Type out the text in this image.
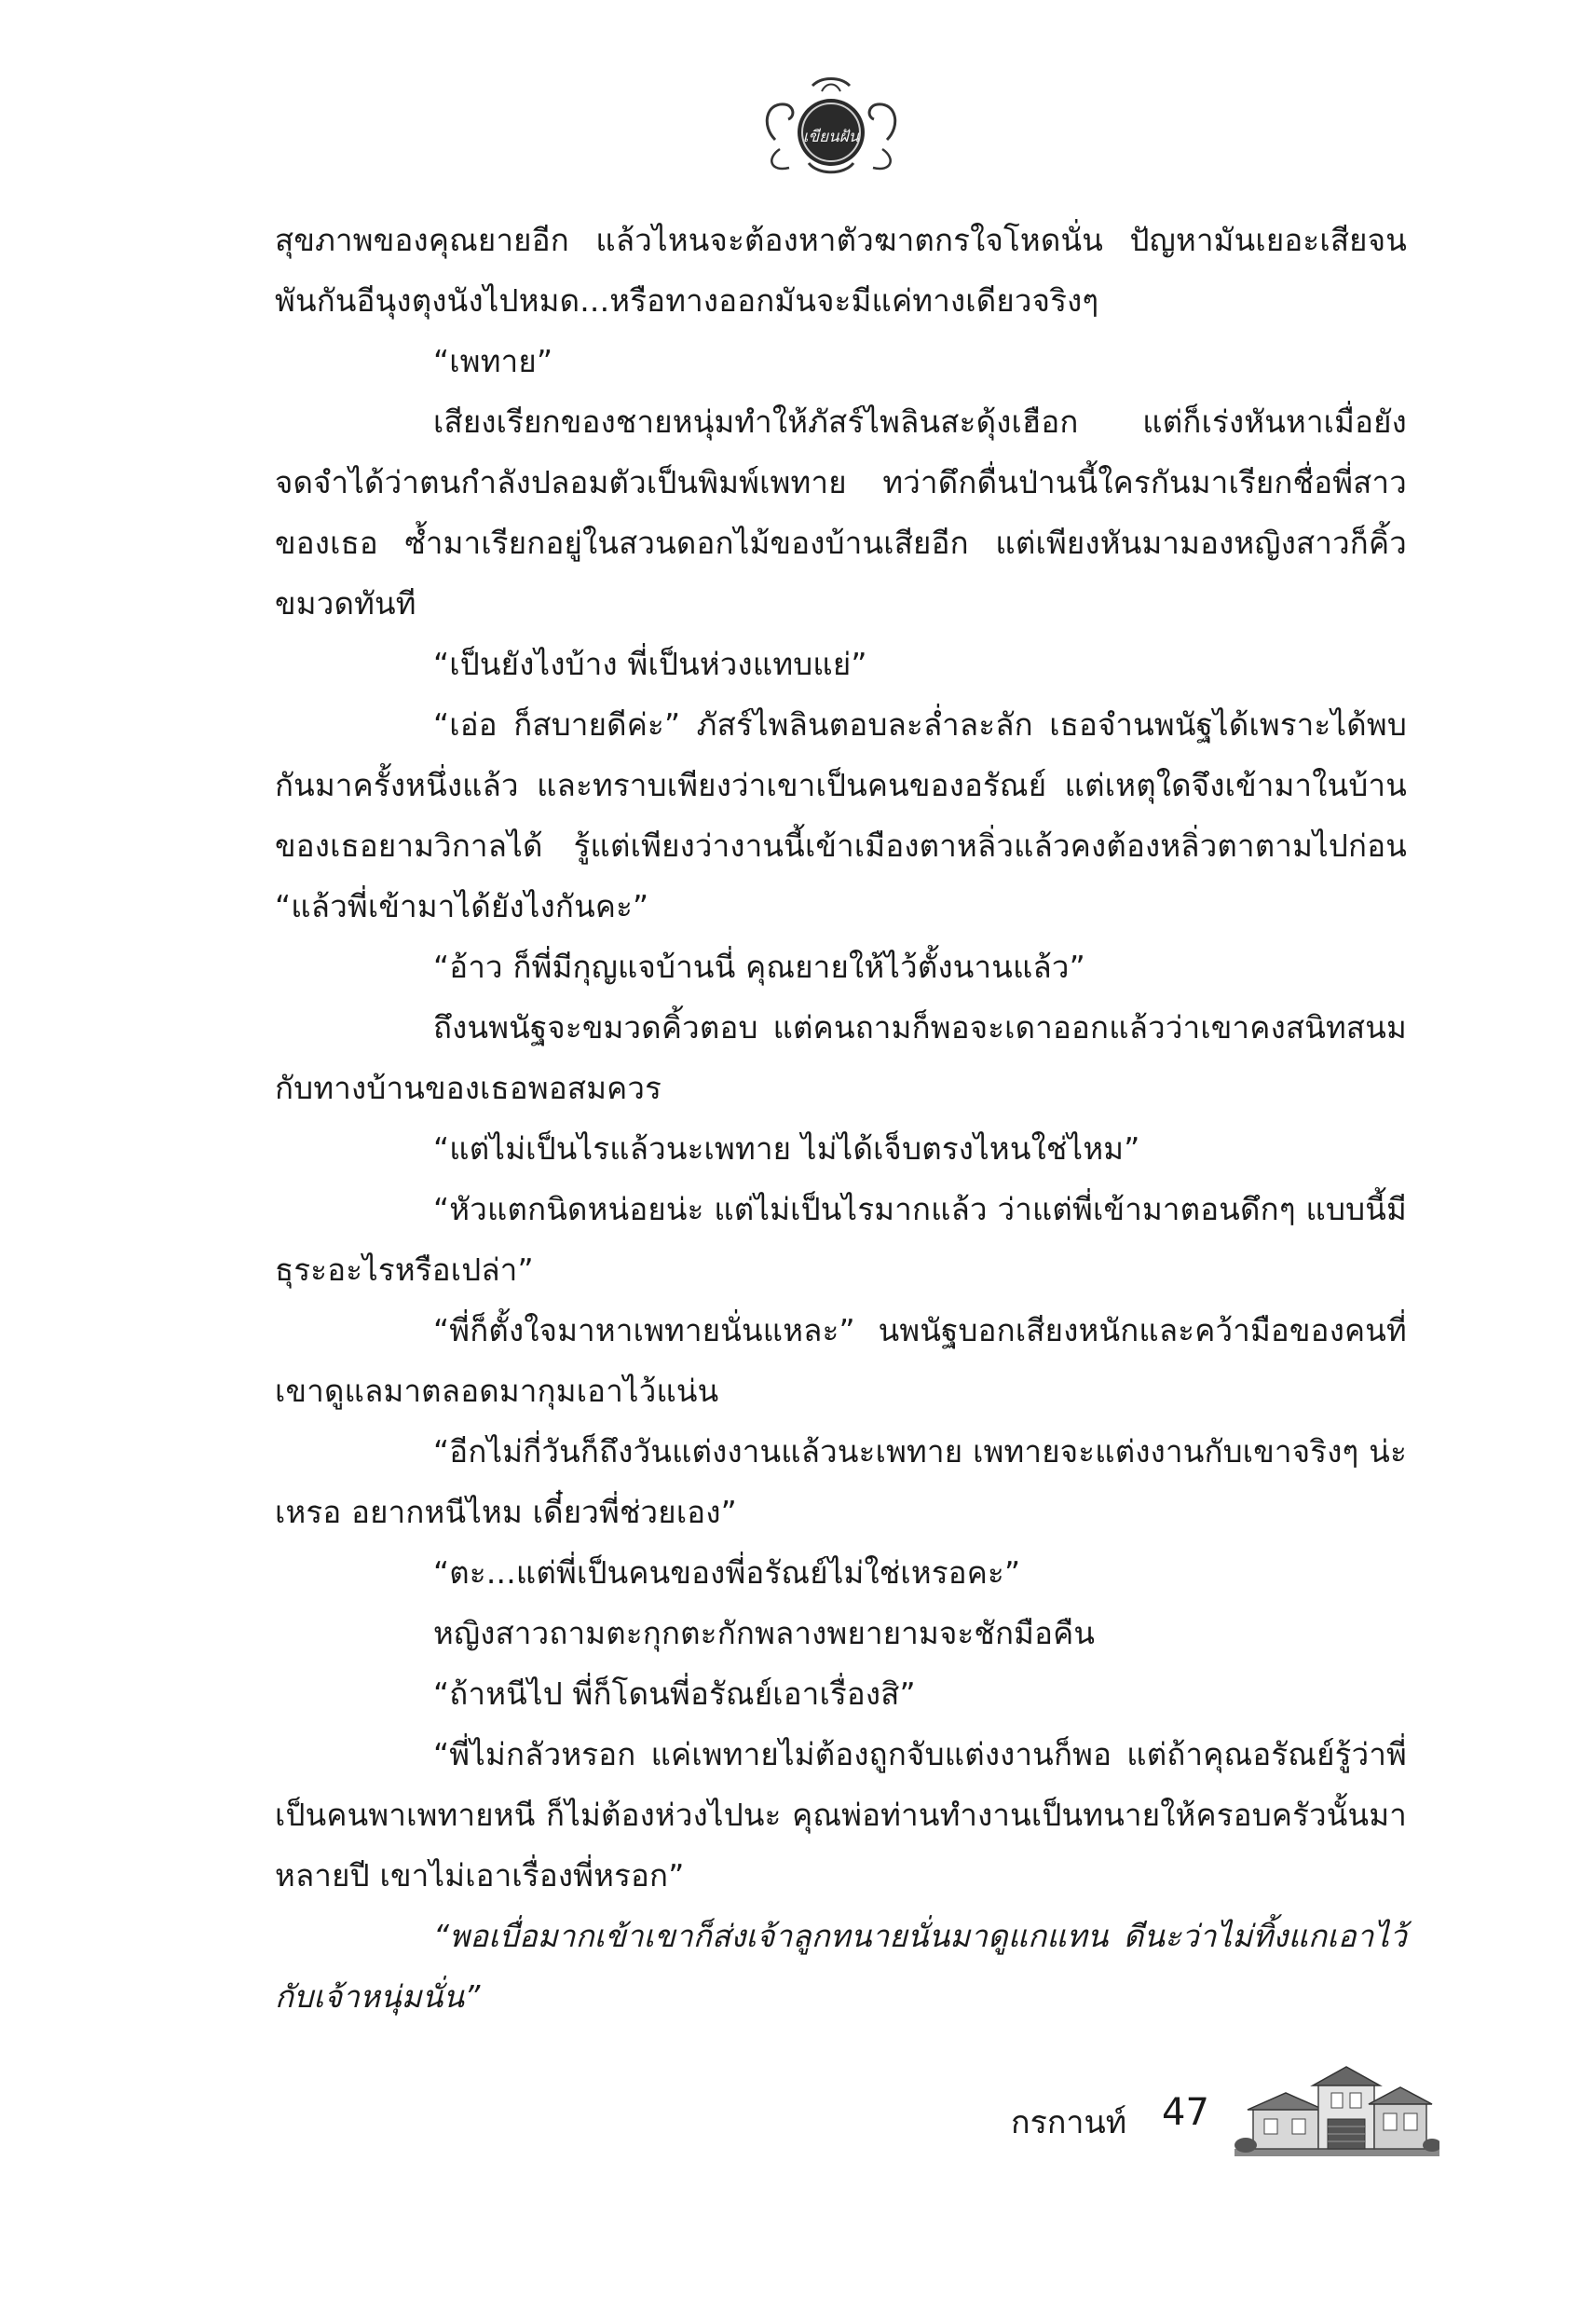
เขียนฝัน

สุขภาพของคุณยายอีก แล้วไหนจะต้องหาตัวฆาตกรใจโหดนั่น ปัญหามันเยอะเสียจนพันกันอีนุงตุงนังไปหมด...หรือทางออกมันจะมีแค่ทางเดียวจริงๆ

“เพทาย”

เสียงเรียกของชายหนุ่มทำให้ภัสร์ไพลินสะดุ้งเฮือก แต่ก็เร่งหันหาเมื่อยังจดจำได้ว่าตนกำลังปลอมตัวเป็นพิมพ์เพทาย ทว่าดึกดื่นป่านนี้ใครกันมาเรียกชื่อพี่สาวของเธอ ซ้ำมาเรียกอยู่ในสวนดอกไม้ของบ้านเสียอีก แต่เพียงหันมามองหญิงสาวก็คิ้วขมวดทันที

“เป็นยังไงบ้าง พี่เป็นห่วงแทบแย่”

“เอ่อ ก็สบายดีค่ะ” ภัสร์ไพลินตอบละล่ำละลัก เธอจำนพนัฐได้เพราะได้พบกันมาครั้งหนึ่งแล้ว และทราบเพียงว่าเขาเป็นคนของอรัณย์ แต่เหตุใดจึงเข้ามาในบ้านของเธอยามวิกาลได้ รู้แต่เพียงว่างานนี้เข้าเมืองตาหลิ่วแล้วคงต้องหลิ่วตาตามไปก่อน “แล้วพี่เข้ามาได้ยังไงกันคะ”

“อ้าว ก็พี่มีกุญแจบ้านนี่ คุณยายให้ไว้ตั้งนานแล้ว”

ถึงนพนัฐจะขมวดคิ้วตอบ แต่คนถามก็พอจะเดาออกแล้วว่าเขาคงสนิทสนมกับทางบ้านของเธอพอสมควร

“แต่ไม่เป็นไรแล้วนะเพทาย ไม่ได้เจ็บตรงไหนใช่ไหม”

“หัวแตกนิดหน่อยน่ะ แต่ไม่เป็นไรมากแล้ว ว่าแต่พี่เข้ามาตอนดึกๆ แบบนี้มีธุระอะไรหรือเปล่า”

“พี่ก็ตั้งใจมาหาเพทายนั่นแหละ” นพนัฐบอกเสียงหนักและคว้ามือของคนที่เขาดูแลมาตลอดมากุมเอาไว้แน่น

“อีกไม่กี่วันก็ถึงวันแต่งงานแล้วนะเพทาย เพทายจะแต่งงานกับเขาจริงๆ น่ะเหรอ อยากหนีไหม เดี๋ยวพี่ช่วยเอง”

“ตะ...แต่พี่เป็นคนของพี่อรัณย์ไม่ใช่เหรอคะ”

หญิงสาวถามตะกุกตะกักพลางพยายามจะชักมือคืน

“ถ้าหนีไป พี่ก็โดนพี่อรัณย์เอาเรื่องสิ”

“พี่ไม่กลัวหรอก แค่เพทายไม่ต้องถูกจับแต่งงานก็พอ แต่ถ้าคุณอรัณย์รู้ว่าพี่เป็นคนพาเพทายหนี ก็ไม่ต้องห่วงไปนะ คุณพ่อท่านทำงานเป็นทนายให้ครอบครัวนั้นมาหลายปี เขาไม่เอาเรื่องพี่หรอก”

“พอเบื่อมากเข้าเขาก็ส่งเจ้าลูกทนายนั่นมาดูแกแทน ดีนะว่าไม่ทิ้งแกเอาไว้กับเจ้าหนุ่มนั่น”

กรกานท์ 47
